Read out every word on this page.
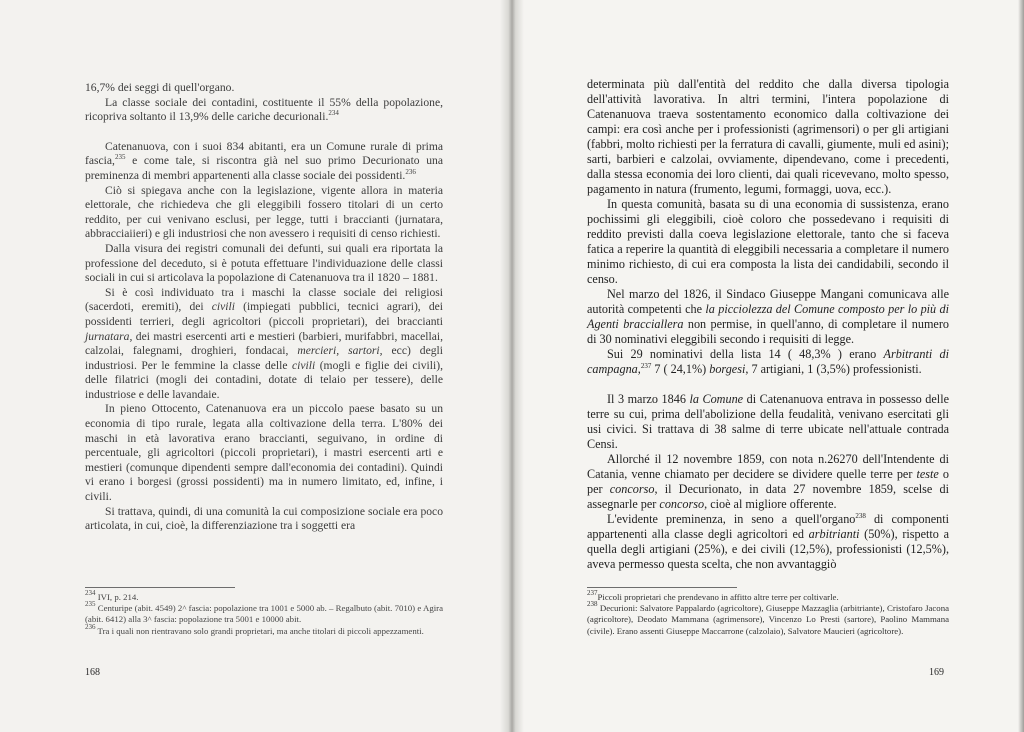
16,7% dei seggi di quell'organo.

La classe sociale dei contadini, costituente il 55% della popolazione, ricopriva soltanto il 13,9% delle cariche decurionali.$^{234}$

Catenanuova, con i suoi 834 abitanti, era un Comune rurale di prima fascia,$^{235}$ e come tale, si riscontra già nel suo primo Decurionato una preminenza di membri appartenenti alla classe sociale dei possidenti.$^{236}$

Ciò si spiegava anche con la legislazione, vigente allora in materia elettorale, che richiedeva che gli eleggibili fossero titolari di un certo reddito, per cui venivano esclusi, per legge, tutti i braccianti (jurnatara, abbracciaiieri) e gli industriosi che non avessero i requisiti di censo richiesti.

Dalla visura dei registri comunali dei defunti, sui quali era riportata la professione del deceduto, si è potuta effettuare l'individuazione delle classi sociali in cui si articolava la popolazione di Catenanuova tra il 1820 – 1881.

Si è così individuato tra i maschi la classe sociale dei religiosi (sacerdoti, eremiti), dei civili (impiegati pubblici, tecnici agrari), dei possidenti terrieri, degli agricoltori (piccoli proprietari), dei braccianti jurnatara, dei mastri esercenti arti e mestieri (barbieri, murifabbri, macellai, calzolai, falegnami, droghieri, fondacai, mercieri, sartori, ecc) degli industriosi. Per le femmine la classe delle civili (mogli e figlie dei civili), delle filatrici (mogli dei contadini, dotate di telaio per tessere), delle industriose e delle lavandaie.

In pieno Ottocento, Catenanuova era un piccolo paese basato su un economia di tipo rurale, legata alla coltivazione della terra. L'80% dei maschi in età lavorativa erano braccianti, seguivano, in ordine di percentuale, gli agricoltori (piccoli proprietari), i mastri esercenti arti e mestieri (comunque dipendenti sempre dall'economia dei contadini). Quindi vi erano i borgesi (grossi possidenti) ma in numero limitato, ed, infine, i civili.

Si trattava, quindi, di una comunità la cui composizione sociale era poco articolata, in cui, cioè, la differenziazione tra i soggetti era

$^{234}$ IVI, p. 214.

$^{235}$ Centuripe (abit. 4549) 2^ fascia: popolazione tra 1001 e 5000 ab. – Regalbuto (abit. 7010) e Agira (abit. 6412) alla 3^ fascia: popolazione tra 5001 e 10000 abit.

$^{236}$ Tra i quali non rientravano solo grandi proprietari, ma anche titolari di piccoli appezzamenti.

168

determinata più dall'entità del reddito che dalla diversa tipologia dell'attività lavorativa. In altri termini, l'intera popolazione di Catenanuova traeva sostentamento economico dalla coltivazione dei campi: era così anche per i professionisti (agrimensori) o per gli artigiani (fabbri, molto richiesti per la ferratura di cavalli, giumente, muli ed asini); sarti, barbieri e calzolai, ovviamente, dipendevano, come i precedenti, dalla stessa economia dei loro clienti, dai quali ricevevano, molto spesso, pagamento in natura (frumento, legumi, formaggi, uova, ecc.).

In questa comunità, basata su di una economia di sussistenza, erano pochissimi gli eleggibili, cioè coloro che possedevano i requisiti di reddito previsti dalla coeva legislazione elettorale, tanto che si faceva fatica a reperire la quantità di eleggibili necessaria a completare il numero minimo richiesto, di cui era composta la lista dei candidabili, secondo il censo.

Nel marzo del 1826, il Sindaco Giuseppe Mangani comunicava alle autorità competenti che la picciolezza del Comune composto per lo più di Agenti bracciallera non permise, in quell'anno, di completare il numero di 30 nominativi eleggibili secondo i requisiti di legge.

Sui 29 nominativi della lista 14 ( 48,3% ) erano Arbitranti di campagna,$^{237}$ 7 ( 24,1%) borgesi, 7 artigiani, 1 (3,5%) professionisti.

Il 3 marzo 1846 la Comune di Catenanuova entrava in possesso delle terre su cui, prima dell'abolizione della feudalità, venivano esercitati gli usi civici. Si trattava di 38 salme di terre ubicate nell'attuale contrada Censi.

Allorché il 12 novembre 1859, con nota n.26270 dell'Intendente di Catania, venne chiamato per decidere se dividere quelle terre per teste o per concorso, il Decurionato, in data 27 novembre 1859, scelse di assegnarle per concorso, cioè al migliore offerente.

L'evidente preminenza, in seno a quell'organo$^{238}$ di componenti appartenenti alla classe degli agricoltori ed arbitrianti (50%), rispetto a quella degli artigiani (25%), e dei civili (12,5%), professionisti (12,5%), aveva permesso questa scelta, che non avvantaggiò

$^{237}$Piccoli proprietari che prendevano in affitto altre terre per coltivarle.

$^{238}$ Decurioni: Salvatore Pappalardo (agricoltore), Giuseppe Mazzaglia (arbitriante), Cristofaro Jacona (agricoltore), Deodato Mammana (agrimensore), Vincenzo Lo Presti (sartore), Paolino Mammana (civile). Erano assenti Giuseppe Maccarrone (calzolaio), Salvatore Maucieri (agricoltore).

169
